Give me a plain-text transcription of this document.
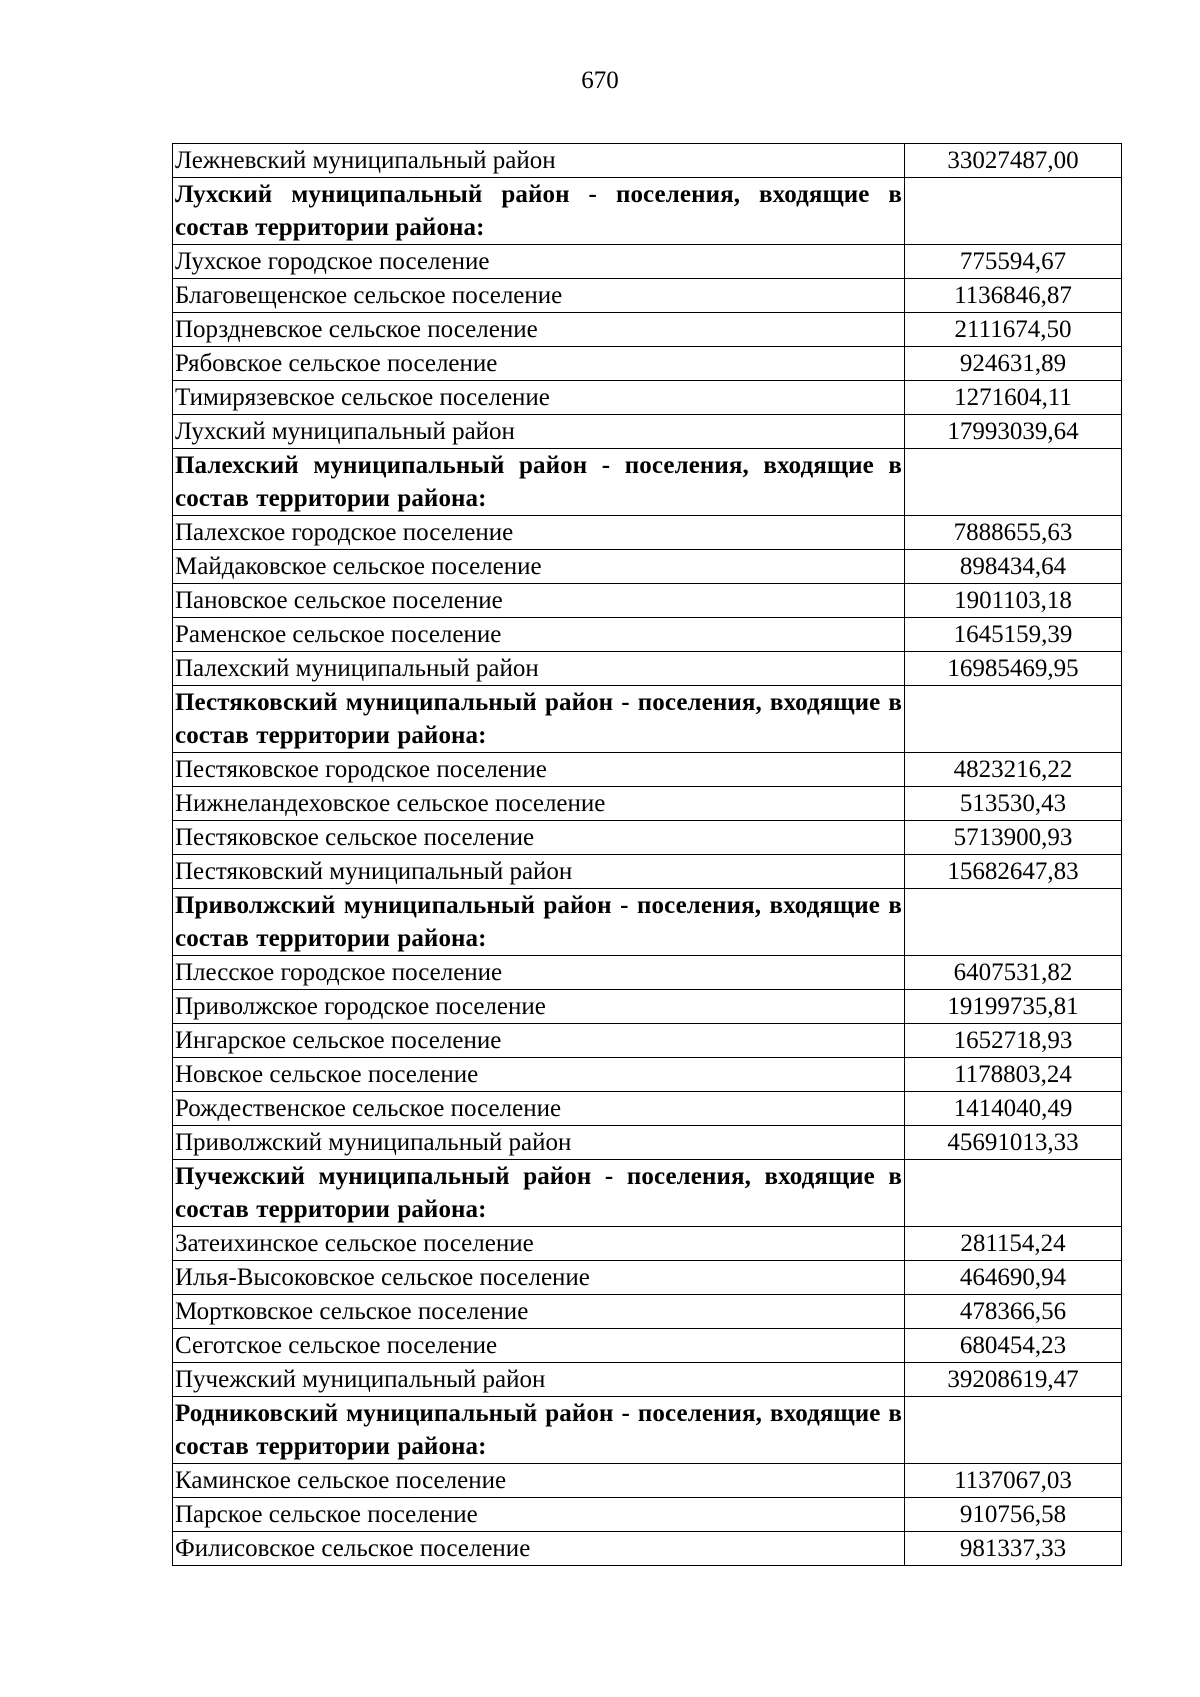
670
Лежневский муниципальный район	33027487,00
Лухский муниципальный район - поселения, входящие в состав территории района:	
Лухское городское поселение	775594,67
Благовещенское сельское поселение	1136846,87
Порздневское сельское поселение	2111674,50
Рябовское сельское поселение	924631,89
Тимирязевское сельское поселение	1271604,11
Лухский муниципальный район	17993039,64
Палехский муниципальный район - поселения, входящие в состав территории района:	
Палехское городское поселение	7888655,63
Майдаковское сельское поселение	898434,64
Пановское сельское поселение	1901103,18
Раменское сельское поселение	1645159,39
Палехский муниципальный район	16985469,95
Пестяковский муниципальный район - поселения, входящие в состав территории района:	
Пестяковское городское поселение	4823216,22
Нижнеландеховское сельское поселение	513530,43
Пестяковское сельское поселение	5713900,93
Пестяковский муниципальный район	15682647,83
Приволжский муниципальный район - поселения, входящие в состав территории района:	
Плесское городское поселение	6407531,82
Приволжское городское поселение	19199735,81
Ингарское сельское поселение	1652718,93
Новское сельское поселение	1178803,24
Рождественское сельское поселение	1414040,49
Приволжский муниципальный район	45691013,33
Пучежский муниципальный район - поселения, входящие в состав территории района:	
Затеихинское сельское поселение	281154,24
Илья-Высоковское сельское поселение	464690,94
Мортковское сельское поселение	478366,56
Сеготское сельское поселение	680454,23
Пучежский муниципальный район	39208619,47
Родниковский муниципальный район - поселения, входящие в состав территории района:	
Каминское сельское поселение	1137067,03
Парское сельское поселение	910756,58
Филисовское сельское поселение	981337,33
